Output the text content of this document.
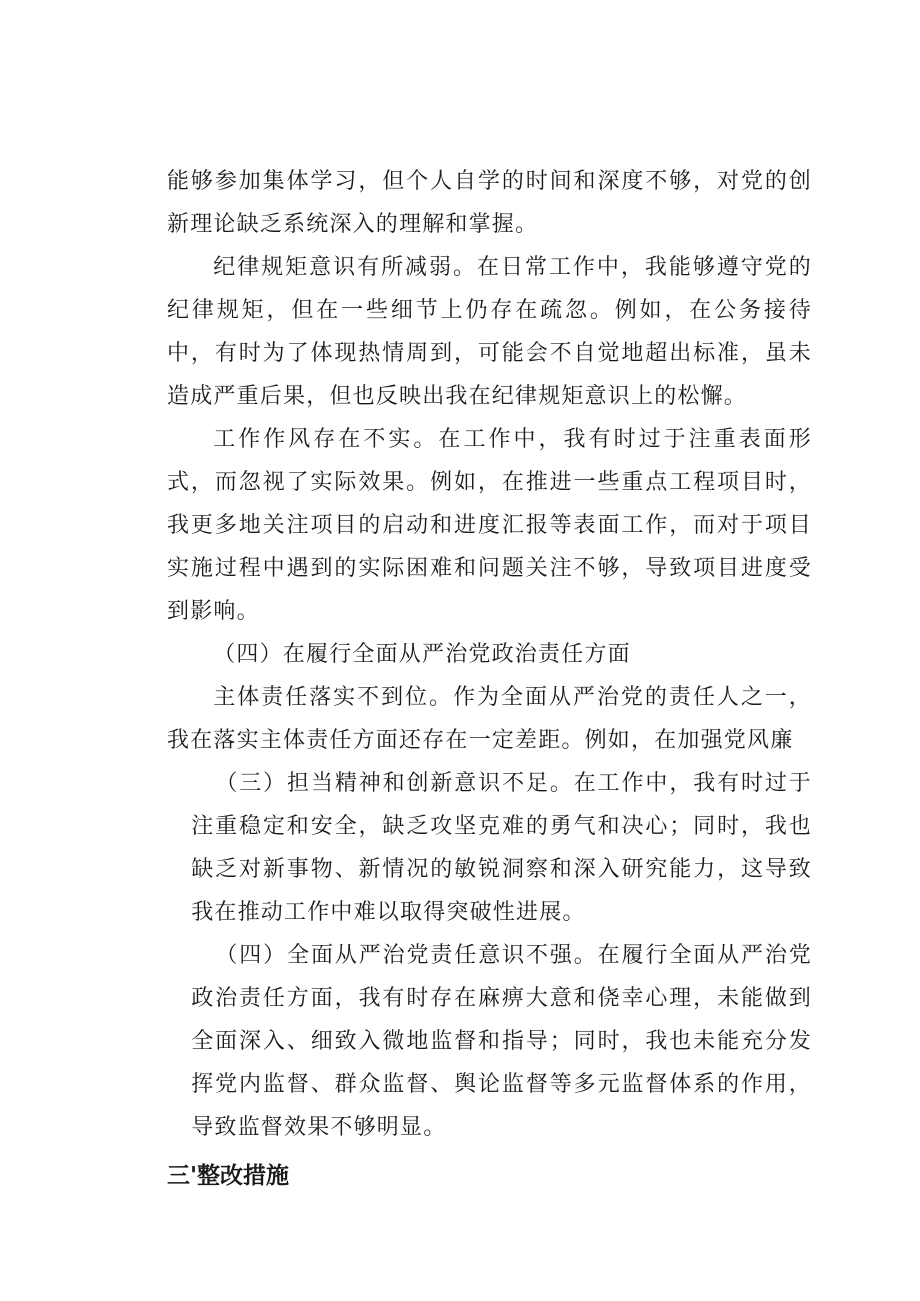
能够参加集体学习，但个人自学的时间和深度不够，对党的创新理论缺乏系统深入的理解和掌握。

纪律规矩意识有所减弱。在日常工作中，我能够遵守党的纪律规矩，但在一些细节上仍存在疏忽。例如，在公务接待中，有时为了体现热情周到，可能会不自觉地超出标准，虽未造成严重后果，但也反映出我在纪律规矩意识上的松懈。

工作作风存在不实。在工作中，我有时过于注重表面形式，而忽视了实际效果。例如，在推进一些重点工程项目时，我更多地关注项目的启动和进度汇报等表面工作，而对于项目实施过程中遇到的实际困难和问题关注不够，导致项目进度受到影响。

（四）在履行全面从严治党政治责任方面

主体责任落实不到位。作为全面从严治党的责任人之一，我在落实主体责任方面还存在一定差距。例如，在加强党风廉

（三）担当精神和创新意识不足。在工作中，我有时过于注重稳定和安全，缺乏攻坚克难的勇气和决心；同时，我也缺乏对新事物、新情况的敏锐洞察和深入研究能力，这导致我在推动工作中难以取得突破性进展。

（四）全面从严治党责任意识不强。在履行全面从严治党政治责任方面，我有时存在麻痹大意和侥幸心理，未能做到全面深入、细致入微地监督和指导；同时，我也未能充分发挥党内监督、群众监督、舆论监督等多元监督体系的作用，导致监督效果不够明显。

三'整改措施
